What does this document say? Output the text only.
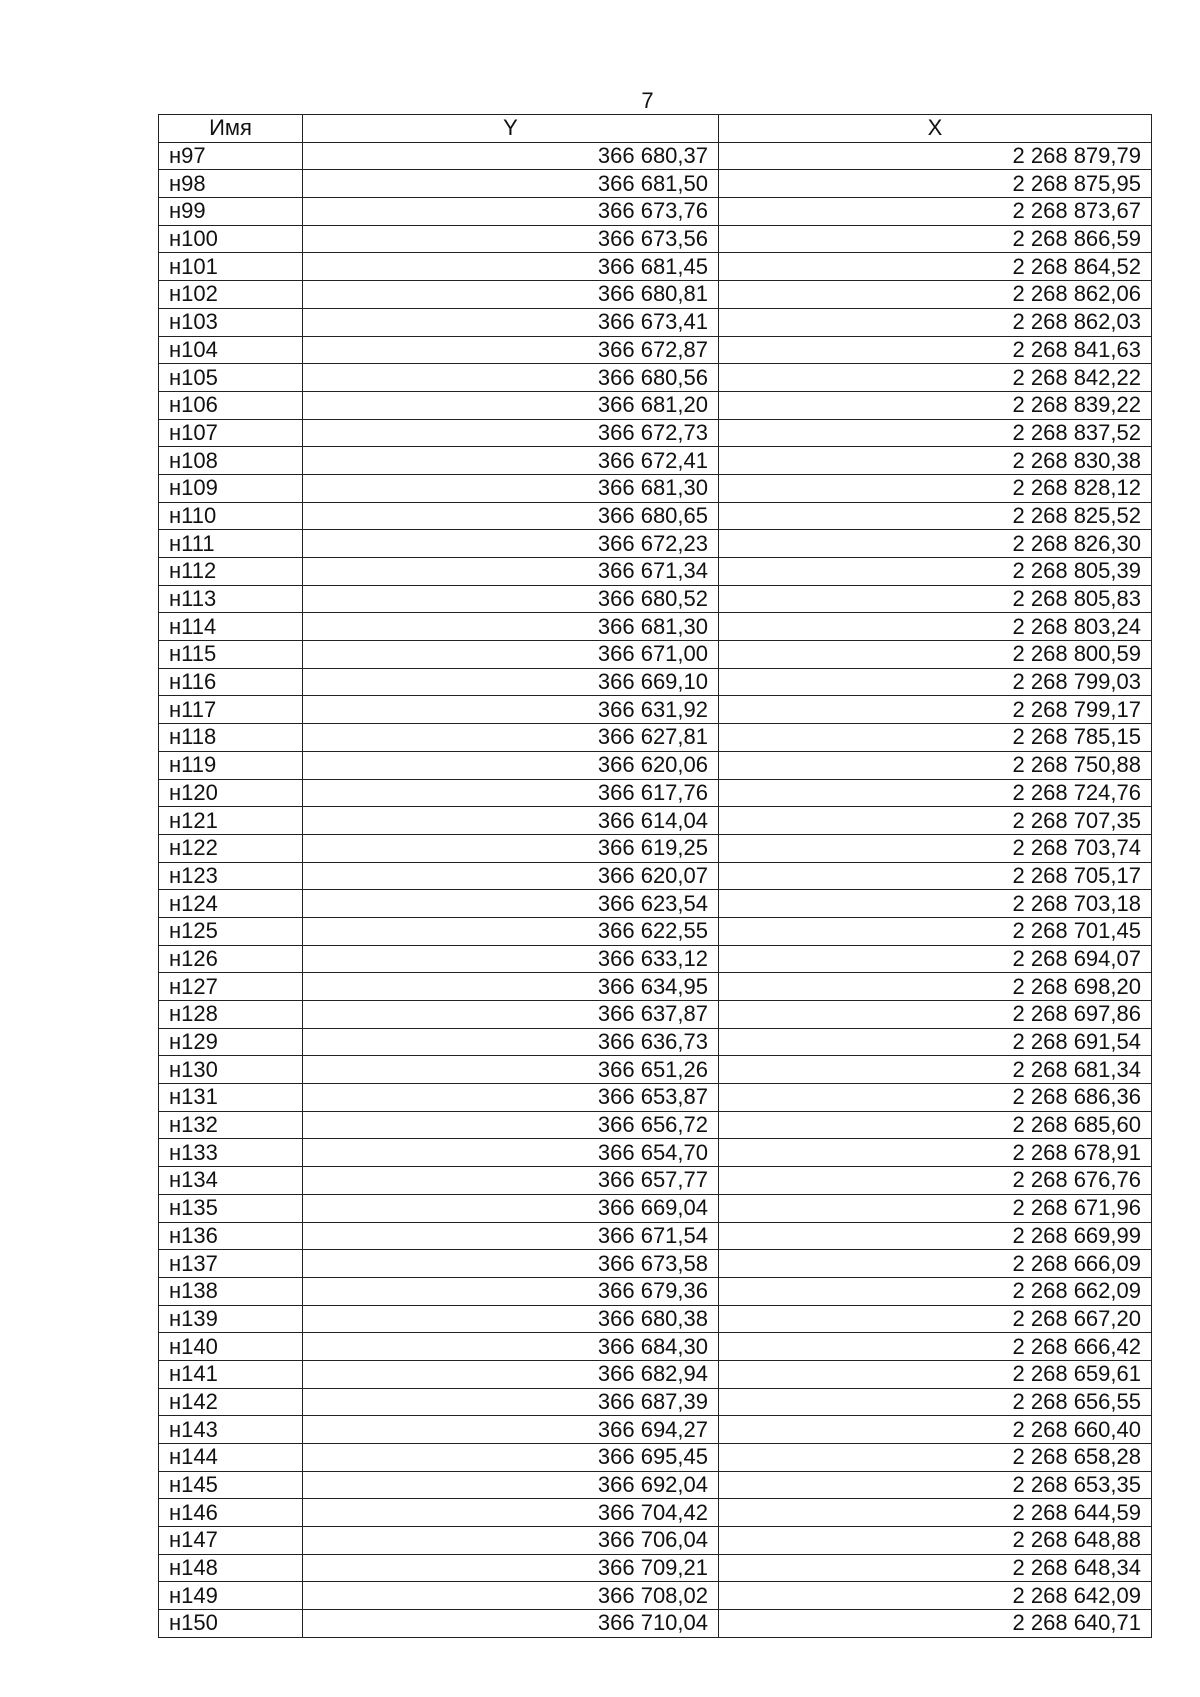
7
Имя	Y	X
н97	366 680,37	2 268 879,79
н98	366 681,50	2 268 875,95
н99	366 673,76	2 268 873,67
н100	366 673,56	2 268 866,59
н101	366 681,45	2 268 864,52
н102	366 680,81	2 268 862,06
н103	366 673,41	2 268 862,03
н104	366 672,87	2 268 841,63
н105	366 680,56	2 268 842,22
н106	366 681,20	2 268 839,22
н107	366 672,73	2 268 837,52
н108	366 672,41	2 268 830,38
н109	366 681,30	2 268 828,12
н110	366 680,65	2 268 825,52
н111	366 672,23	2 268 826,30
н112	366 671,34	2 268 805,39
н113	366 680,52	2 268 805,83
н114	366 681,30	2 268 803,24
н115	366 671,00	2 268 800,59
н116	366 669,10	2 268 799,03
н117	366 631,92	2 268 799,17
н118	366 627,81	2 268 785,15
н119	366 620,06	2 268 750,88
н120	366 617,76	2 268 724,76
н121	366 614,04	2 268 707,35
н122	366 619,25	2 268 703,74
н123	366 620,07	2 268 705,17
н124	366 623,54	2 268 703,18
н125	366 622,55	2 268 701,45
н126	366 633,12	2 268 694,07
н127	366 634,95	2 268 698,20
н128	366 637,87	2 268 697,86
н129	366 636,73	2 268 691,54
н130	366 651,26	2 268 681,34
н131	366 653,87	2 268 686,36
н132	366 656,72	2 268 685,60
н133	366 654,70	2 268 678,91
н134	366 657,77	2 268 676,76
н135	366 669,04	2 268 671,96
н136	366 671,54	2 268 669,99
н137	366 673,58	2 268 666,09
н138	366 679,36	2 268 662,09
н139	366 680,38	2 268 667,20
н140	366 684,30	2 268 666,42
н141	366 682,94	2 268 659,61
н142	366 687,39	2 268 656,55
н143	366 694,27	2 268 660,40
н144	366 695,45	2 268 658,28
н145	366 692,04	2 268 653,35
н146	366 704,42	2 268 644,59
н147	366 706,04	2 268 648,88
н148	366 709,21	2 268 648,34
н149	366 708,02	2 268 642,09
н150	366 710,04	2 268 640,71
